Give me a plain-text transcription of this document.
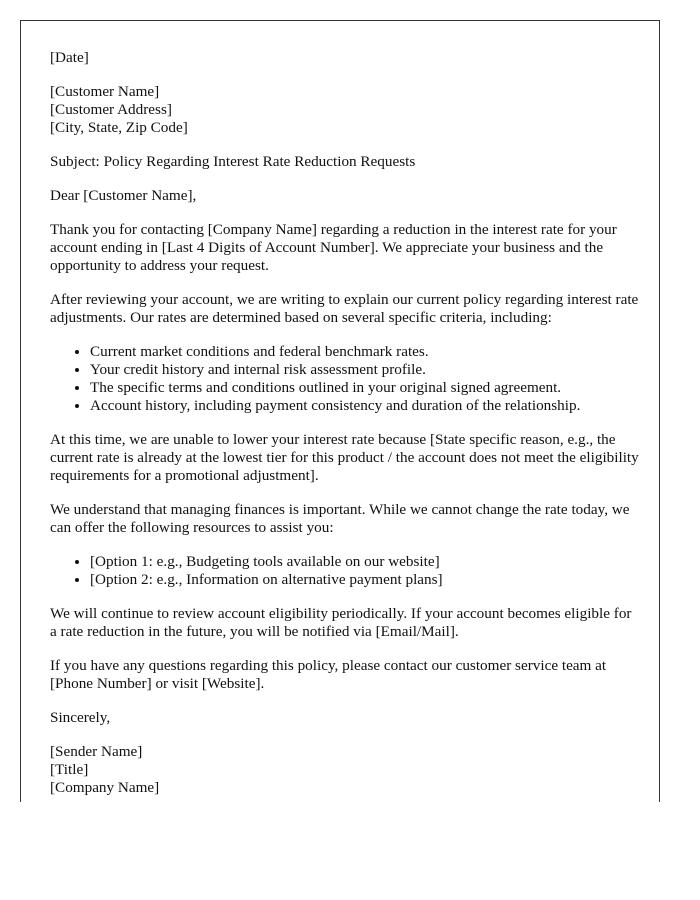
[Date]

[Customer Name]
[Customer Address]
[City, State, Zip Code]

Subject: Policy Regarding Interest Rate Reduction Requests

Dear [Customer Name],

Thank you for contacting [Company Name] regarding a reduction in the interest rate for your account ending in [Last 4 Digits of Account Number]. We appreciate your business and the opportunity to address your request.

After reviewing your account, we are writing to explain our current policy regarding interest rate adjustments. Our rates are determined based on several specific criteria, including:

• Current market conditions and federal benchmark rates.
• Your credit history and internal risk assessment profile.
• The specific terms and conditions outlined in your original signed agreement.
• Account history, including payment consistency and duration of the relationship.

At this time, we are unable to lower your interest rate because [State specific reason, e.g., the current rate is already at the lowest tier for this product / the account does not meet the eligibility requirements for a promotional adjustment].

We understand that managing finances is important. While we cannot change the rate today, we can offer the following resources to assist you:

• [Option 1: e.g., Budgeting tools available on our website]
• [Option 2: e.g., Information on alternative payment plans]

We will continue to review account eligibility periodically. If your account becomes eligible for a rate reduction in the future, you will be notified via [Email/Mail].

If you have any questions regarding this policy, please contact our customer service team at [Phone Number] or visit [Website].

Sincerely,

[Sender Name]
[Title]
[Company Name]
